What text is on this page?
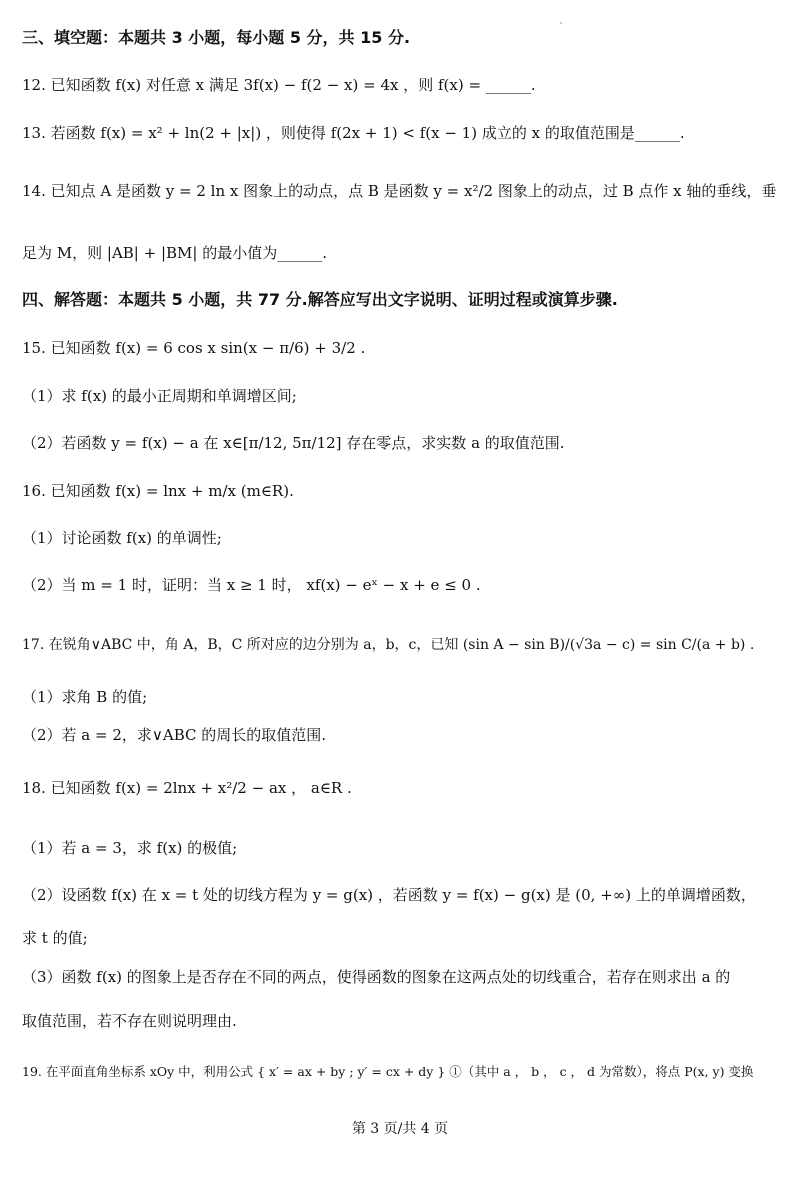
三、填空题：本题共 3 小题，每小题 5 分，共 15 分.
12. 已知函数 f(x) 对任意 x 满足 3f(x) − f(2 − x) = 4x ，则 f(x) = ______.
13. 若函数 f(x) = x² + ln(2 + |x|) ，则使得 f(2x + 1) < f(x − 1) 成立的 x 的取值范围是______.
14. 已知点 A 是函数 y = 2 ln x 图象上的动点，点 B 是函数 y = x²/2 图象上的动点，过 B 点作 x 轴的垂线，垂
足为 M，则 |AB| + |BM| 的最小值为______.
四、解答题：本题共 5 小题，共 77 分.解答应写出文字说明、证明过程或演算步骤.
15. 已知函数 f(x) = 6 cos x sin(x − π/6) + 3/2 .
（1）求 f(x) 的最小正周期和单调增区间;
（2）若函数 y = f(x) − a 在 x∈[π/12, 5π/12] 存在零点，求实数 a 的取值范围.
16. 已知函数 f(x) = lnx + m/x (m∈R).
（1）讨论函数 f(x) 的单调性;
（2）当 m = 1 时，证明：当 x ≥ 1 时， xf(x) − eˣ − x + e ≤ 0 .
17. 在锐角∨ABC 中，角 A，B，C 所对应的边分别为 a，b，c，已知 (sin A − sin B)/(√3a − c) = sin C/(a + b) .
（1）求角 B 的值;
（2）若 a = 2，求∨ABC 的周长的取值范围.
18. 已知函数 f(x) = 2lnx + x²/2 − ax ， a∈R .
（1）若 a = 3，求 f(x) 的极值;
（2）设函数 f(x) 在 x = t 处的切线方程为 y = g(x) ，若函数 y = f(x) − g(x) 是 (0, +∞) 上的单调增函数，
求 t 的值;
（3）函数 f(x) 的图象上是否存在不同的两点，使得函数的图象在这两点处的切线重合，若存在则求出 a 的
取值范围，若不存在则说明理由.
19. 在平面直角坐标系 xOy 中，利用公式 { x′ = ax + by ; y′ = cx + dy } ①（其中 a ， b ， c ， d 为常数），将点 P(x, y) 变换
第 3 页/共 4 页
